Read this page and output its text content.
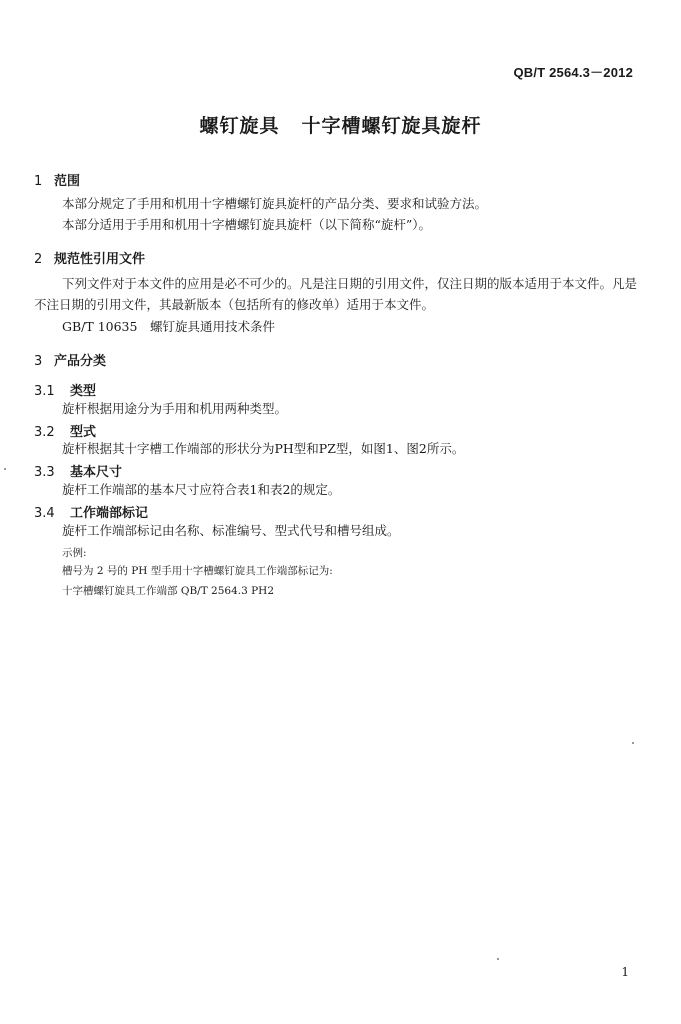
QB/T 2564.3－2012
螺钉旋具 十字槽螺钉旋具旋杆
1 范围
本部分规定了手用和机用十字槽螺钉旋具旋杆的产品分类、要求和试验方法。
本部分适用于手用和机用十字槽螺钉旋具旋杆（以下简称“旋杆”）。
2 规范性引用文件
下列文件对于本文件的应用是必不可少的。凡是注日期的引用文件，仅注日期的版本适用于本文件。凡是不注日期的引用文件，其最新版本（包括所有的修改单）适用于本文件。
GB/T 10635　螺钉旋具通用技术条件
3 产品分类
3.1 类型
旋杆根据用途分为手用和机用两种类型。
3.2 型式
旋杆根据其十字槽工作端部的形状分为PH型和PZ型，如图1、图2所示。
3.3 基本尺寸
旋杆工作端部的基本尺寸应符合表1和表2的规定。
3.4 工作端部标记
旋杆工作端部标记由名称、标准编号、型式代号和槽号组成。
示例:
槽号为 2 号的 PH 型手用十字槽螺钉旋具工作端部标记为:
十字槽螺钉旋具工作端部 QB/T 2564.3 PH2
1
